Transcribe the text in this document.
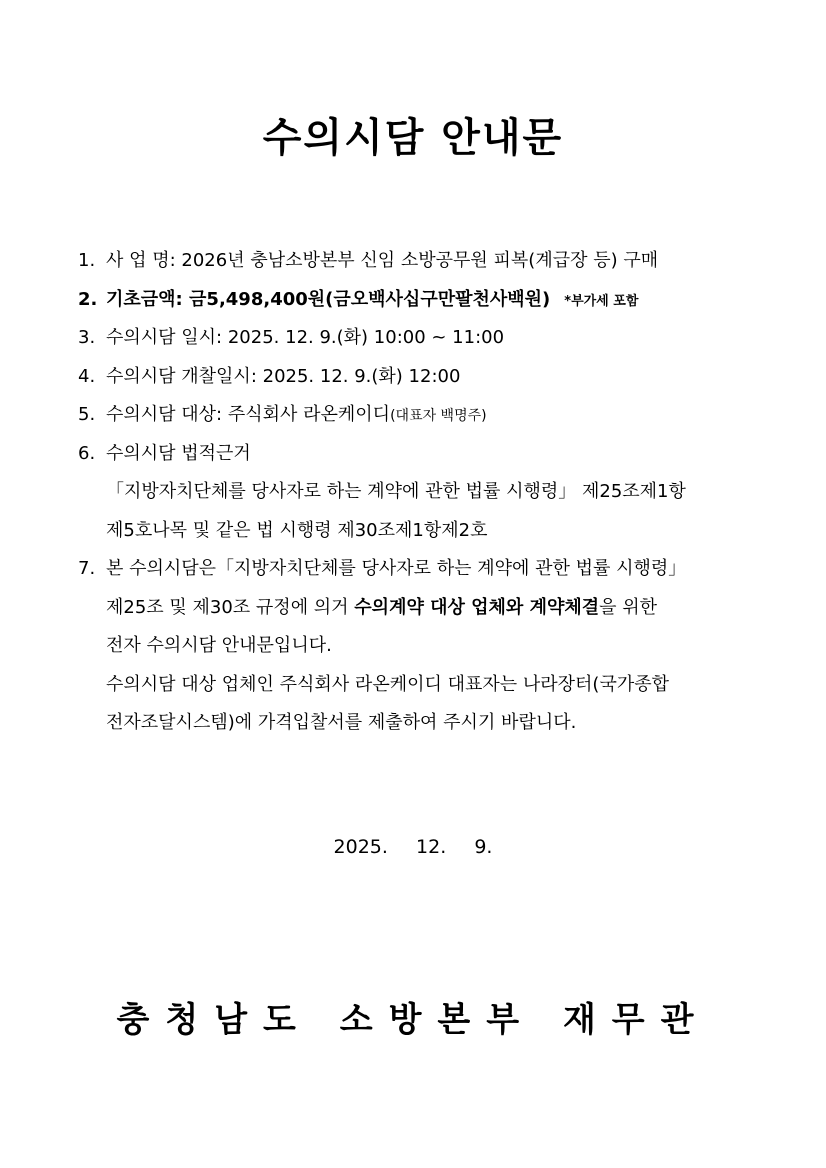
수의시담 안내문
1. 사 업 명: 2026년 충남소방본부 신임 소방공무원 피복(계급장 등) 구매
2. 기초금액: 금5,498,400원(금오백사십구만팔천사백원) *부가세 포함
3. 수의시담 일시: 2025. 12. 9.(화) 10:00 ~ 11:00
4. 수의시담 개찰일시: 2025. 12. 9.(화) 12:00
5. 수의시담 대상: 주식회사 라온케이디(대표자 백명주)
6. 수의시담 법적근거
「지방자치단체를 당사자로 하는 계약에 관한 법률 시행령」 제25조제1항
제5호나목 및 같은 법 시행령 제30조제1항제2호
7. 본 수의시담은「지방자치단체를 당사자로 하는 계약에 관한 법률 시행령」
제25조 및 제30조 규정에 의거 수의계약 대상 업체와 계약체결을 위한
전자 수의시담 안내문입니다.
수의시담 대상 업체인 주식회사 라온케이디 대표자는 나라장터(국가종합
전자조달시스템)에 가격입찰서를 제출하여 주시기 바랍니다.
2025.  12.  9.
충청남도 소방본부 재무관
